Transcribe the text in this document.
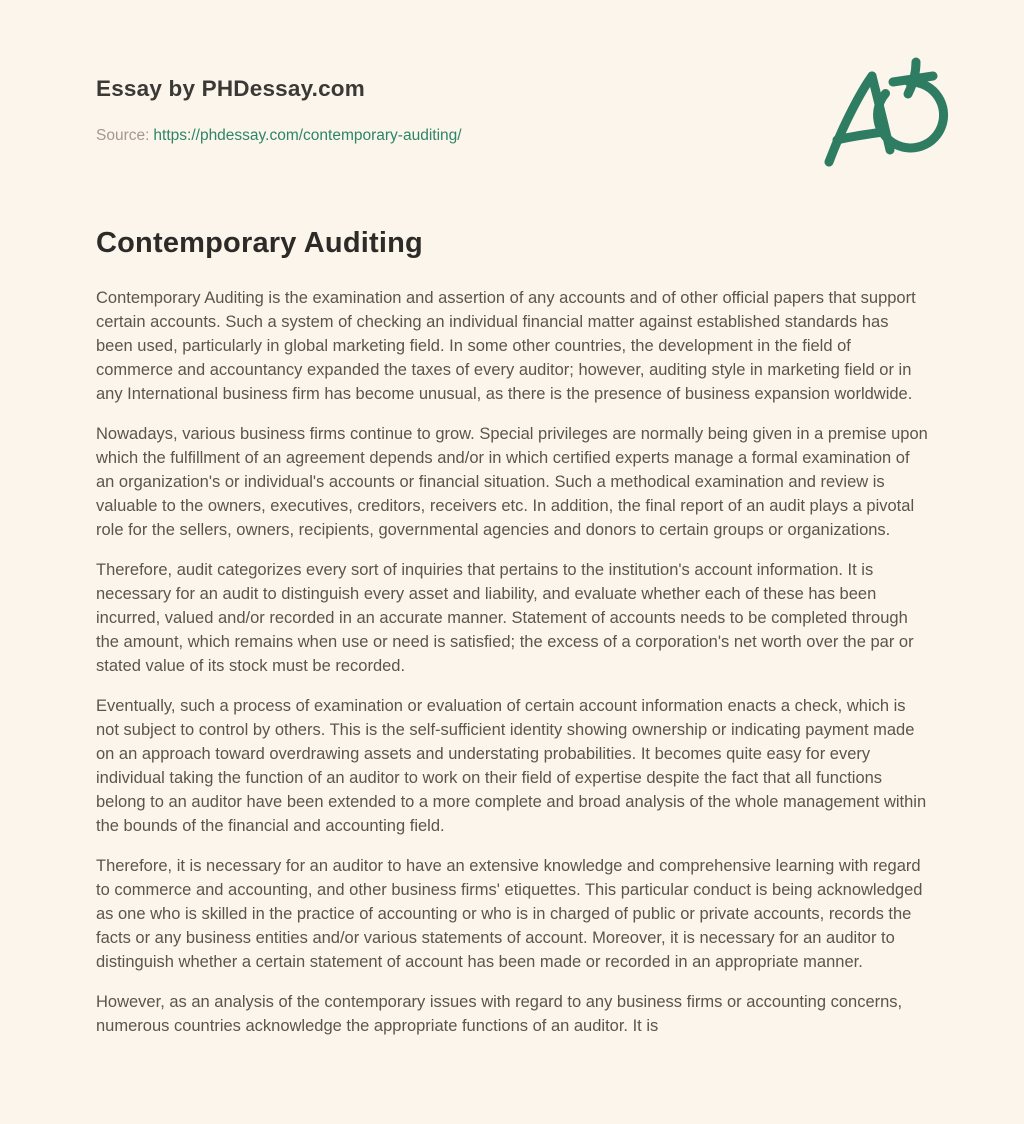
Essay by PHDessay.com

Source: https://phdessay.com/contemporary-auditing/

Contemporary Auditing

Contemporary Auditing is the examination and assertion of any accounts and of other official papers that support certain accounts. Such a system of checking an individual financial matter against established standards has been used, particularly in global marketing field. In some other countries, the development in the field of commerce and accountancy expanded the taxes of every auditor; however, auditing style in marketing field or in any International business firm has become unusual, as there is the presence of business expansion worldwide.

Nowadays, various business firms continue to grow. Special privileges are normally being given in a premise upon which the fulfillment of an agreement depends and/or in which certified experts manage a formal examination of an organization's or individual's accounts or financial situation. Such a methodical examination and review is valuable to the owners, executives, creditors, receivers etc. In addition, the final report of an audit plays a pivotal role for the sellers, owners, recipients, governmental agencies and donors to certain groups or organizations.

Therefore, audit categorizes every sort of inquiries that pertains to the institution's account information. It is necessary for an audit to distinguish every asset and liability, and evaluate whether each of these has been incurred, valued and/or recorded in an accurate manner. Statement of accounts needs to be completed through the amount, which remains when use or need is satisfied; the excess of a corporation's net worth over the par or stated value of its stock must be recorded.

Eventually, such a process of examination or evaluation of certain account information enacts a check, which is not subject to control by others. This is the self-sufficient identity showing ownership or indicating payment made on an approach toward overdrawing assets and understating probabilities. It becomes quite easy for every individual taking the function of an auditor to work on their field of expertise despite the fact that all functions belong to an auditor have been extended to a more complete and broad analysis of the whole management within the bounds of the financial and accounting field.

Therefore, it is necessary for an auditor to have an extensive knowledge and comprehensive learning with regard to commerce and accounting, and other business firms' etiquettes. This particular conduct is being acknowledged as one who is skilled in the practice of accounting or who is in charged of public or private accounts, records the facts or any business entities and/or various statements of account. Moreover, it is necessary for an auditor to distinguish whether a certain statement of account has been made or recorded in an appropriate manner.

However, as an analysis of the contemporary issues with regard to any business firms or accounting concerns, numerous countries acknowledge the appropriate functions of an auditor. It is
